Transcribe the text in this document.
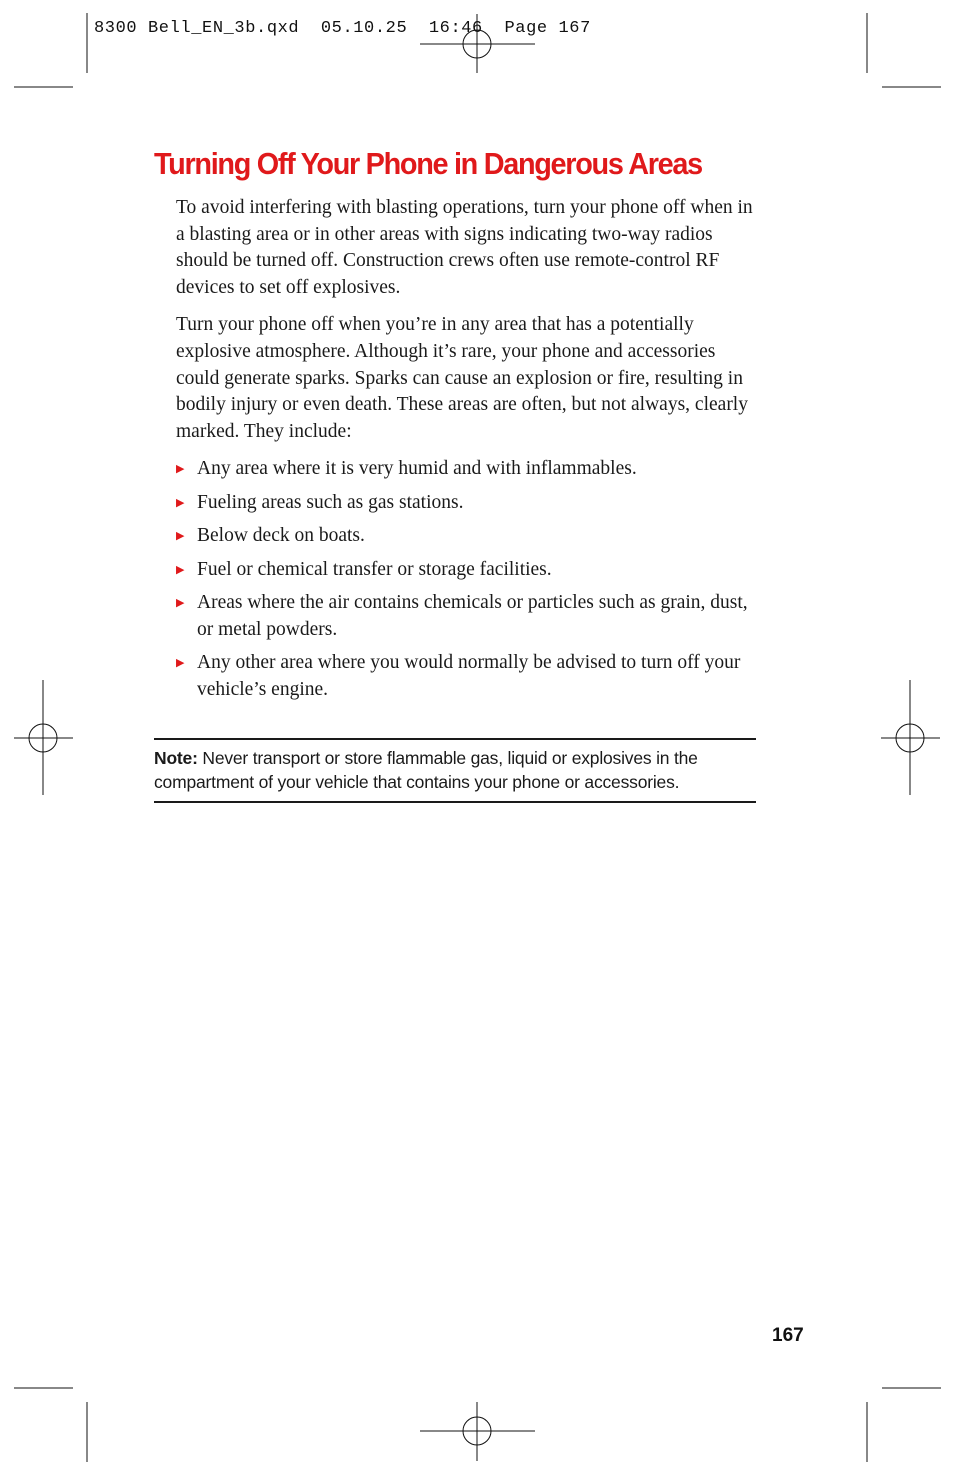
8300 Bell_EN_3b.qxd  05.10.25  16:46  Page 167
Turning Off Your Phone in Dangerous Areas

To avoid interfering with blasting operations, turn your phone off when in a blasting area or in other areas with signs indicating two-way radios should be turned off. Construction crews often use remote-control RF devices to set off explosives.

Turn your phone off when you’re in any area that has a potentially explosive atmosphere. Although it’s rare, your phone and accessories could generate sparks. Sparks can cause an explosion or fire, resulting in bodily injury or even death. These areas are often, but not always, clearly marked. They include:

▶ Any area where it is very humid and with inflammables.
▶ Fueling areas such as gas stations.
▶ Below deck on boats.
▶ Fuel or chemical transfer or storage facilities.
▶ Areas where the air contains chemicals or particles such as grain, dust, or metal powders.
▶ Any other area where you would normally be advised to turn off your vehicle’s engine.
Note: Never transport or store flammable gas, liquid or explosives in the compartment of your vehicle that contains your phone or accessories.
167
